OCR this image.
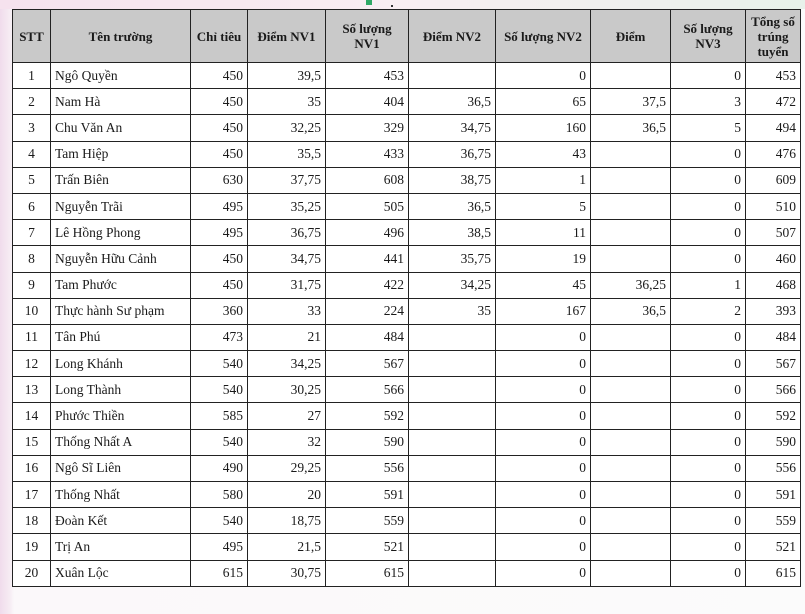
STT	Tên trường	Chỉ tiêu	Điểm NV1	Số lượng NV1	Điểm NV2	Số lượng NV2	Điểm	Số lượng NV3	Tổng số trúng tuyển
1	Ngô Quyền	450	39,5	453		0		0	453
2	Nam Hà	450	35	404	36,5	65	37,5	3	472
3	Chu Văn An	450	32,25	329	34,75	160	36,5	5	494
4	Tam Hiệp	450	35,5	433	36,75	43		0	476
5	Trấn Biên	630	37,75	608	38,75	1		0	609
6	Nguyễn Trãi	495	35,25	505	36,5	5		0	510
7	Lê Hồng Phong	495	36,75	496	38,5	11		0	507
8	Nguyễn Hữu Cảnh	450	34,75	441	35,75	19		0	460
9	Tam Phước	450	31,75	422	34,25	45	36,25	1	468
10	Thực hành Sư phạm	360	33	224	35	167	36,5	2	393
11	Tân Phú	473	21	484		0		0	484
12	Long Khánh	540	34,25	567		0		0	567
13	Long Thành	540	30,25	566		0		0	566
14	Phước Thiền	585	27	592		0		0	592
15	Thống Nhất A	540	32	590		0		0	590
16	Ngô Sĩ Liên	490	29,25	556		0		0	556
17	Thống Nhất	580	20	591		0		0	591
18	Đoàn Kết	540	18,75	559		0		0	559
19	Trị An	495	21,5	521		0		0	521
20	Xuân Lộc	615	30,75	615		0		0	615
